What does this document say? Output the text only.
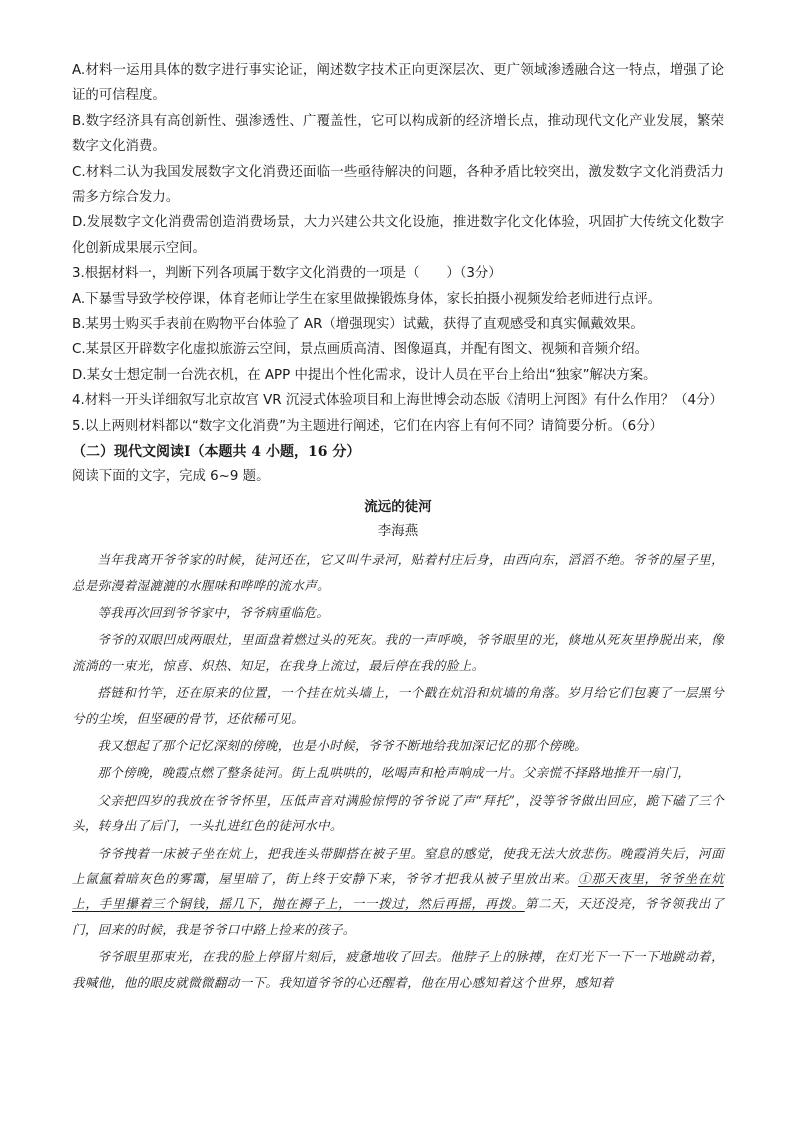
A.材料一运用具体的数字进行事实论证，阐述数字技术正向更深层次、更广领域渗透融合这一特点，增强了论证的可信程度。

B.数字经济具有高创新性、强渗透性、广覆盖性，它可以构成新的经济增长点，推动现代文化产业发展，繁荣数字文化消费。

C.材料二认为我国发展数字文化消费还面临一些亟待解决的问题，各种矛盾比较突出，激发数字文化消费活力需多方综合发力。

D.发展数字文化消费需创造消费场景，大力兴建公共文化设施，推进数字化文化体验，巩固扩大传统文化数字化创新成果展示空间。

3.根据材料一，判断下列各项属于数字文化消费的一项是（　　）（3分）

A.下暴雪导致学校停课，体育老师让学生在家里做操锻炼身体，家长拍摄小视频发给老师进行点评。

B.某男士购买手表前在购物平台体验了 AR（增强现实）试戴，获得了直观感受和真实佩戴效果。

C.某景区开辟数字化虚拟旅游云空间，景点画质高清、图像逼真，并配有图文、视频和音频介绍。

D.某女士想定制一台洗衣机，在 APP 中提出个性化需求，设计人员在平台上给出“独家”解决方案。

4.材料一开头详细叙写北京故宫 VR 沉浸式体验项目和上海世博会动态版《清明上河图》有什么作用？（4分）

5.以上两则材料都以“数字文化消费”为主题进行阐述，它们在内容上有何不同？请简要分析。（6分）

（二）现代文阅读Ⅰ（本题共 4 小题，16 分）

阅读下面的文字，完成 6~9 题。

流远的徒河

李海燕

当年我离开爷爷家的时候，徒河还在，它又叫牛录河，贴着村庄后身，由西向东，滔滔不绝。爷爷的屋子里，总是弥漫着湿漉漉的水腥味和哗哗的流水声。

等我再次回到爷爷家中，爷爷病重临危。

爷爷的双眼凹成两眼灶，里面盘着燃过头的死灰。我的一声呼唤，爷爷眼里的光，倏地从死灰里挣脱出来，像流淌的一束光，惊喜、炽热、知足，在我身上流过，最后停在我的脸上。

搭链和竹竿，还在原来的位置，一个挂在炕头墙上，一个戳在炕沿和炕墙的角落。岁月给它们包裹了一层黑兮兮的尘埃，但坚硬的骨节，还依稀可见。

我又想起了那个记忆深刻的傍晚，也是小时候，爷爷不断地给我加深记忆的那个傍晚。

那个傍晚，晚霞点燃了整条徒河。街上乱哄哄的，吆喝声和枪声响成一片。父亲慌不择路地推开一扇门，

父亲把四岁的我放在爷爷怀里，压低声音对满脸惊愕的爷爷说了声“拜托”，没等爷爷做出回应，跪下磕了三个头，转身出了后门，一头扎进红色的徒河水中。

爷爷拽着一床被子坐在炕上，把我连头带脚搭在被子里。窒息的感觉，使我无法大放悲伤。晚霞消失后，河面上氤氲着暗灰色的雾霭，屋里暗了，街上终于安静下来，爷爷才把我从被子里放出来。①那天夜里，爷爷坐在炕上，手里攥着三个铜钱，摇几下，抛在褥子上，一一拨过，然后再摇，再拨。第二天，天还没亮，爷爷领我出了门，回来的时候，我是爷爷口中路上捡来的孩子。

爷爷眼里那束光，在我的脸上停留片刻后，疲惫地收了回去。他脖子上的脉搏，在灯光下一下一下地跳动着，我喊他，他的眼皮就微微翻动一下。我知道爷爷的心还醒着，他在用心感知着这个世界，感知着
